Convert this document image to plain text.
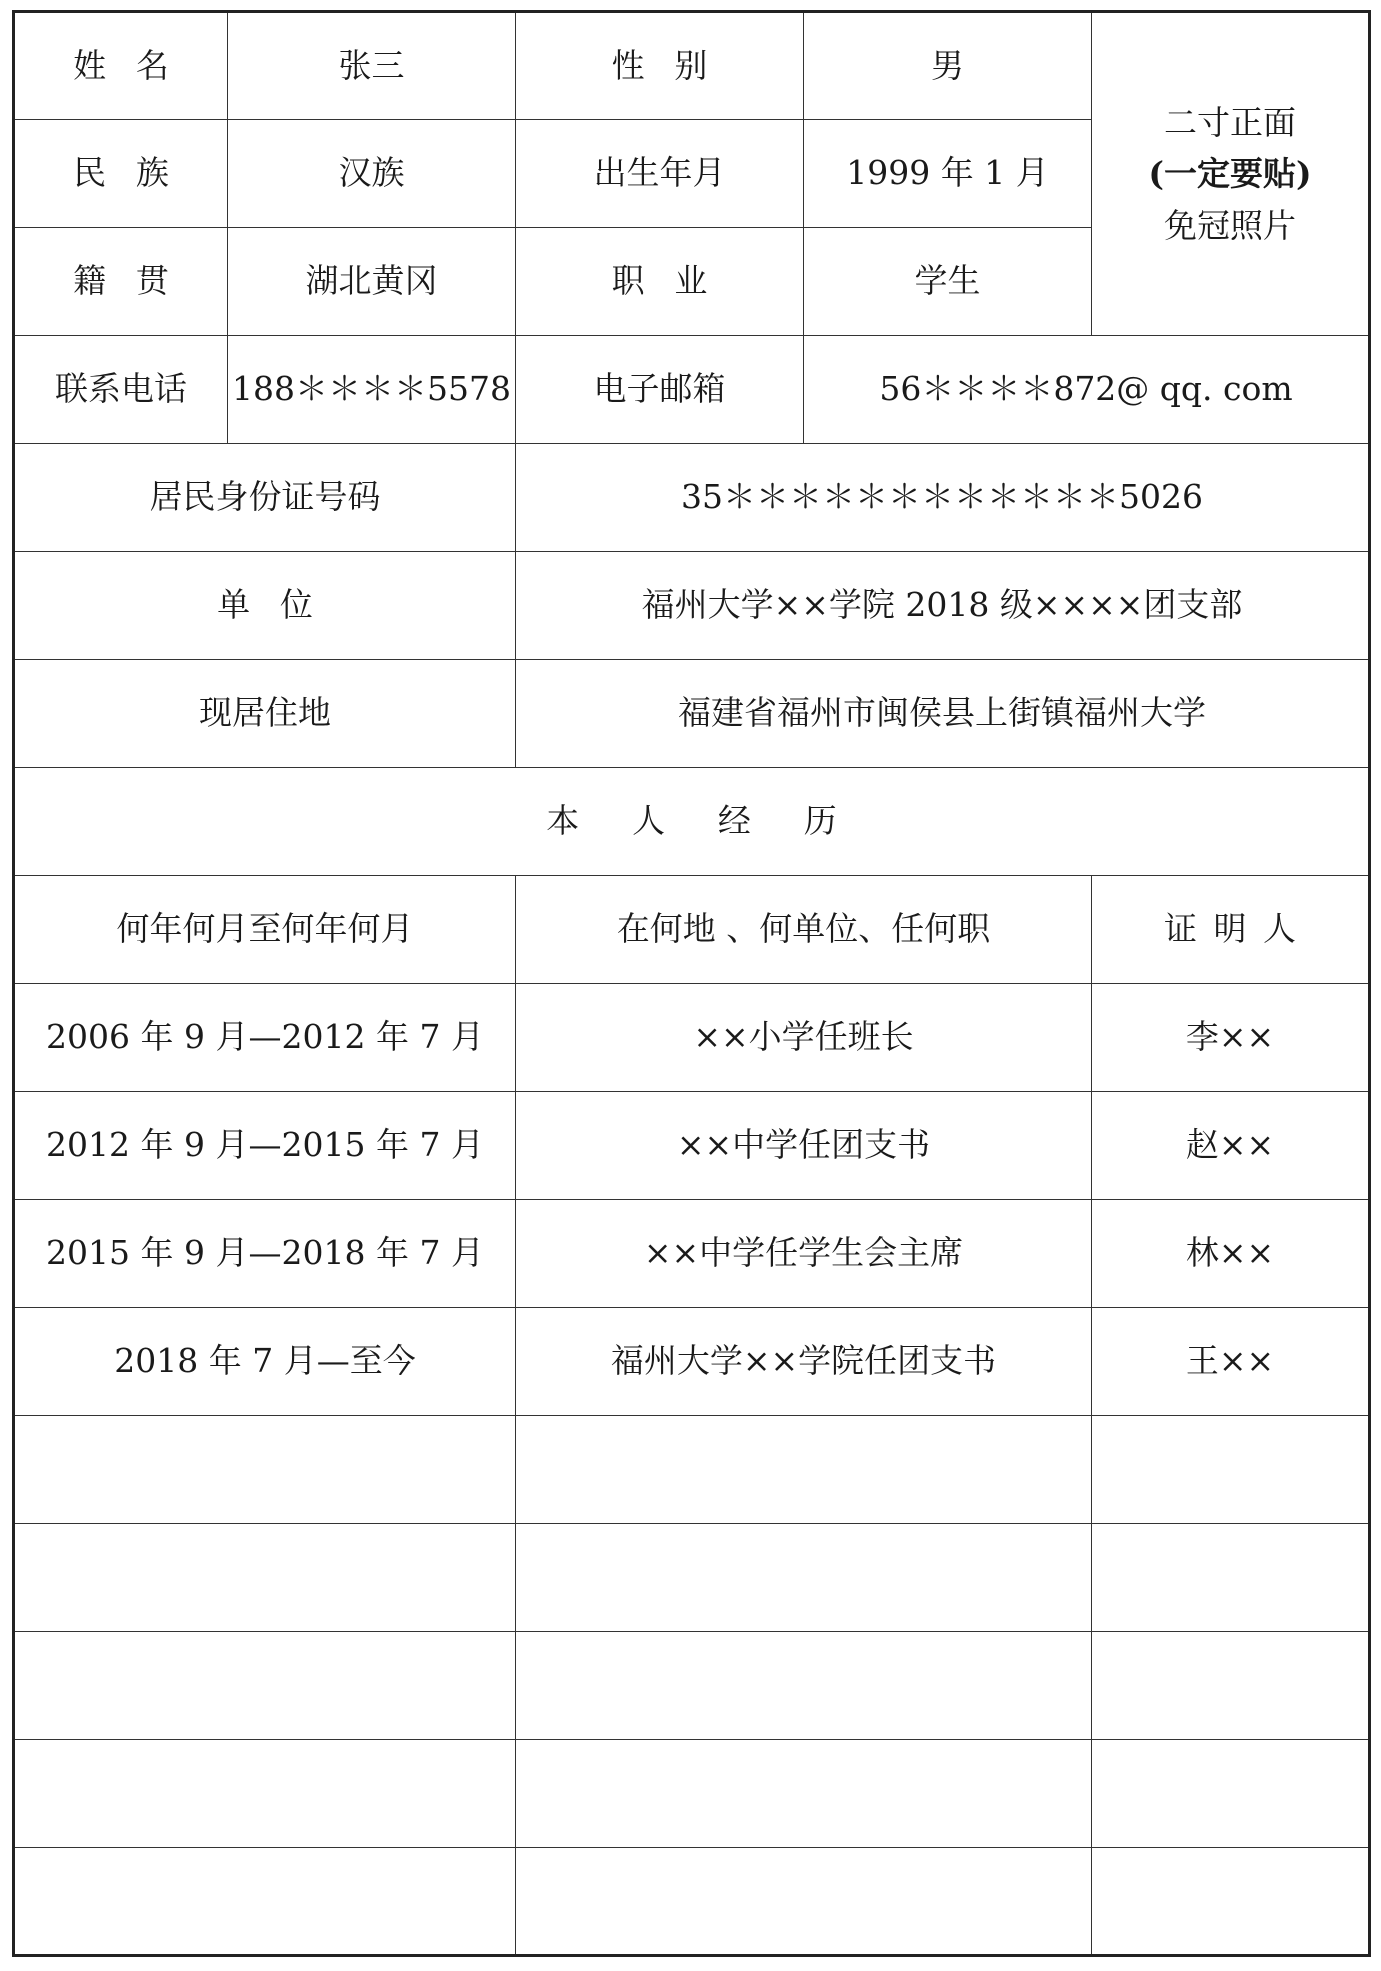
姓名	张三	性别	男	二寸正面
(一定要贴)
免冠照片

民族	汉族	出生年月	1999 年 1 月	
籍贯	湖北黄冈	职业	学生	
联系电话	188＊＊＊＊5578	电子邮箱	56＊＊＊＊872@ qq. com	
居民身份证号码		35＊＊＊＊＊＊＊＊＊＊＊＊5026		
单位		福州大学××学院 2018 级××××团支部		
现居住地		福建省福州市闽侯县上街镇福州大学		
本人经历				
何年何月至何年何月		在何地 、何单位、任何职		证明人
2006 年 9 月—2012 年 7 月		××小学任班长		李××
2012 年 9 月—2015 年 7 月		××中学任团支书		赵××
2015 年 9 月—2018 年 7 月		××中学任学生会主席		林××
2018 年 7 月—至今		福州大学××学院任团支书		王××
